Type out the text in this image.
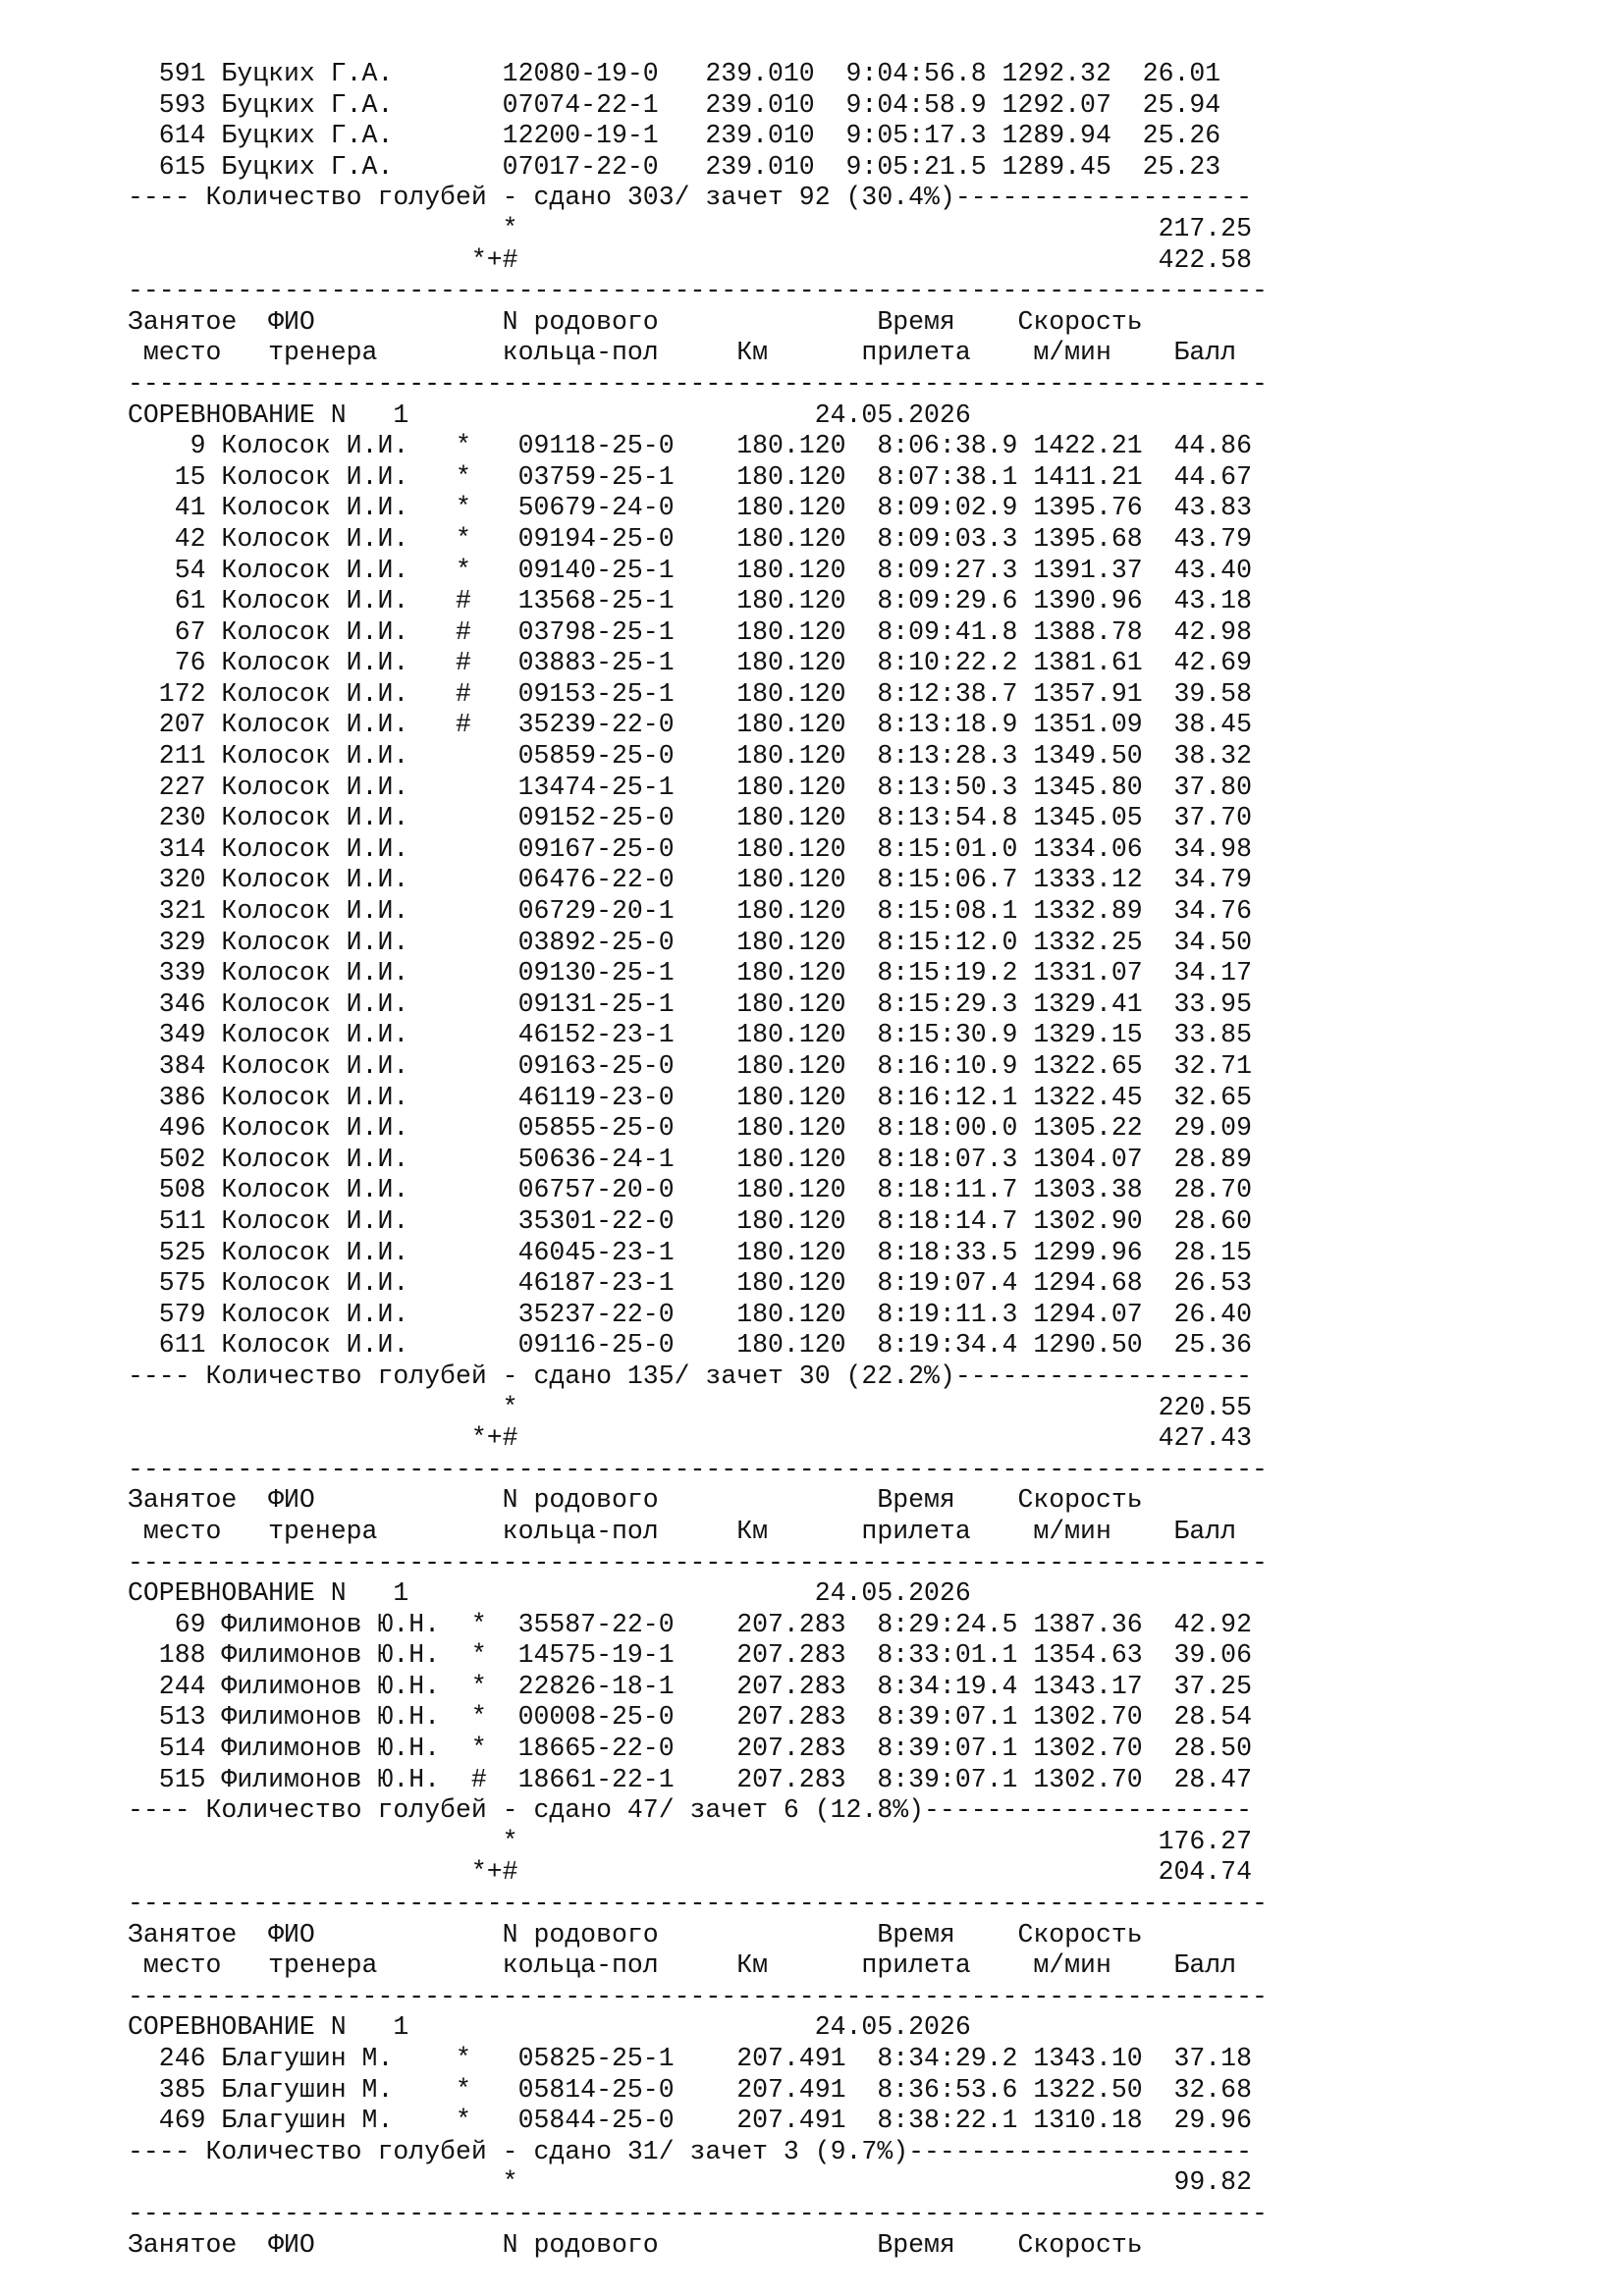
591 Буцких Г.А.       12080-19-0   239.010  9:04:56.8 1292.32  26.01
593 Буцких Г.А.       07074-22-1   239.010  9:04:58.9 1292.07  25.94
614 Буцких Г.А.       12200-19-1   239.010  9:05:17.3 1289.94  25.26
615 Буцких Г.А.       07017-22-0   239.010  9:05:21.5 1289.45  25.23
---- Количество голубей - сдано 303/ зачет 92 (30.4%)-------------------
*                                         217.25
*+#                                         422.58
-------------------------------------------------------------------------
Занятое  ФИО            N родового              Время    Скорость
место   тренера        кольца-пол     Км      прилета    м/мин    Балл
-------------------------------------------------------------------------
СОРЕВНОВАНИЕ N   1                          24.05.2026
9 Колосок И.И.   *   09118-25-0    180.120  8:06:38.9 1422.21  44.86
15 Колосок И.И.   *   03759-25-1    180.120  8:07:38.1 1411.21  44.67
41 Колосок И.И.   *   50679-24-0    180.120  8:09:02.9 1395.76  43.83
42 Колосок И.И.   *   09194-25-0    180.120  8:09:03.3 1395.68  43.79
54 Колосок И.И.   *   09140-25-1    180.120  8:09:27.3 1391.37  43.40
61 Колосок И.И.   #   13568-25-1    180.120  8:09:29.6 1390.96  43.18
67 Колосок И.И.   #   03798-25-1    180.120  8:09:41.8 1388.78  42.98
76 Колосок И.И.   #   03883-25-1    180.120  8:10:22.2 1381.61  42.69
172 Колосок И.И.   #   09153-25-1    180.120  8:12:38.7 1357.91  39.58
207 Колосок И.И.   #   35239-22-0    180.120  8:13:18.9 1351.09  38.45
211 Колосок И.И.       05859-25-0    180.120  8:13:28.3 1349.50  38.32
227 Колосок И.И.       13474-25-1    180.120  8:13:50.3 1345.80  37.80
230 Колосок И.И.       09152-25-0    180.120  8:13:54.8 1345.05  37.70
314 Колосок И.И.       09167-25-0    180.120  8:15:01.0 1334.06  34.98
320 Колосок И.И.       06476-22-0    180.120  8:15:06.7 1333.12  34.79
321 Колосок И.И.       06729-20-1    180.120  8:15:08.1 1332.89  34.76
329 Колосок И.И.       03892-25-0    180.120  8:15:12.0 1332.25  34.50
339 Колосок И.И.       09130-25-1    180.120  8:15:19.2 1331.07  34.17
346 Колосок И.И.       09131-25-1    180.120  8:15:29.3 1329.41  33.95
349 Колосок И.И.       46152-23-1    180.120  8:15:30.9 1329.15  33.85
384 Колосок И.И.       09163-25-0    180.120  8:16:10.9 1322.65  32.71
386 Колосок И.И.       46119-23-0    180.120  8:16:12.1 1322.45  32.65
496 Колосок И.И.       05855-25-0    180.120  8:18:00.0 1305.22  29.09
502 Колосок И.И.       50636-24-1    180.120  8:18:07.3 1304.07  28.89
508 Колосок И.И.       06757-20-0    180.120  8:18:11.7 1303.38  28.70
511 Колосок И.И.       35301-22-0    180.120  8:18:14.7 1302.90  28.60
525 Колосок И.И.       46045-23-1    180.120  8:18:33.5 1299.96  28.15
575 Колосок И.И.       46187-23-1    180.120  8:19:07.4 1294.68  26.53
579 Колосок И.И.       35237-22-0    180.120  8:19:11.3 1294.07  26.40
611 Колосок И.И.       09116-25-0    180.120  8:19:34.4 1290.50  25.36
---- Количество голубей - сдано 135/ зачет 30 (22.2%)-------------------
*                                         220.55
*+#                                         427.43
-------------------------------------------------------------------------
Занятое  ФИО            N родового              Время    Скорость
место   тренера        кольца-пол     Км      прилета    м/мин    Балл
-------------------------------------------------------------------------
СОРЕВНОВАНИЕ N   1                          24.05.2026
69 Филимонов Ю.Н.  *  35587-22-0    207.283  8:29:24.5 1387.36  42.92
188 Филимонов Ю.Н.  *  14575-19-1    207.283  8:33:01.1 1354.63  39.06
244 Филимонов Ю.Н.  *  22826-18-1    207.283  8:34:19.4 1343.17  37.25
513 Филимонов Ю.Н.  *  00008-25-0    207.283  8:39:07.1 1302.70  28.54
514 Филимонов Ю.Н.  *  18665-22-0    207.283  8:39:07.1 1302.70  28.50
515 Филимонов Ю.Н.  #  18661-22-1    207.283  8:39:07.1 1302.70  28.47
---- Количество голубей - сдано 47/ зачет 6 (12.8%)---------------------
*                                         176.27
*+#                                         204.74
-------------------------------------------------------------------------
Занятое  ФИО            N родового              Время    Скорость
место   тренера        кольца-пол     Км      прилета    м/мин    Балл
-------------------------------------------------------------------------
СОРЕВНОВАНИЕ N   1                          24.05.2026
246 Благушин М.    *   05825-25-1    207.491  8:34:29.2 1343.10  37.18
385 Благушин М.    *   05814-25-0    207.491  8:36:53.6 1322.50  32.68
469 Благушин М.    *   05844-25-0    207.491  8:38:22.1 1310.18  29.96
---- Количество голубей - сдано 31/ зачет 3 (9.7%)----------------------
*                                          99.82
-------------------------------------------------------------------------
Занятое  ФИО            N родового              Время    Скорость
